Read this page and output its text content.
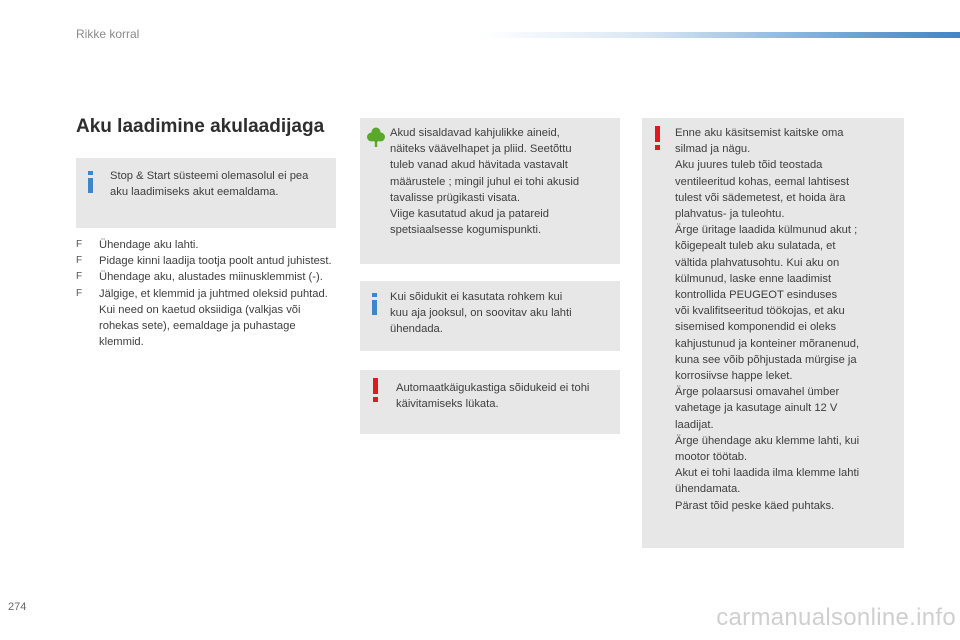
Rikke korral
Aku laadimine akulaadijaga
Stop & Start süsteemi olemasolul ei pea
aku laadimiseks akut eemaldama.
F Ühendage aku lahti.
F Pidage kinni laadija tootja poolt antud juhistest.
F Ühendage aku, alustades miinusklemmist (-).
F Jälgige, et klemmid ja juhtmed oleksid puhtad. Kui need on kaetud oksiidiga (valkjas või rohekas sete), eemaldage ja puhastage klemmid.
Akud sisaldavad kahjulikke aineid,
näiteks väävelhapet ja pliid. Seetõttu
tuleb vanad akud hävitada vastavalt
määrustele ; mingil juhul ei tohi akusid
tavalisse prügikasti visata.
Viige kasutatud akud ja patareid
spetsiaalsesse kogumispunkti.
Kui sõidukit ei kasutata rohkem kui
kuu aja jooksul, on soovitav aku lahti
ühendada.
Automaatkäigukastiga sõidukeid ei tohi
käivitamiseks lükata.
Enne aku käsitsemist kaitske oma
silmad ja nägu.
Aku juures tuleb tõid teostada
ventileeritud kohas, eemal lahtisest
tulest või sädemetest, et hoida ära
plahvatus- ja tuleohtu.
Ärge üritage laadida külmunud akut ;
kõigepealt tuleb aku sulatada, et
vältida plahvatusohtu. Kui aku on
külmunud, laske enne laadimist
kontrollida PEUGEOT esinduses
või kvalifitseeritud töökojas, et aku
sisemised komponendid ei oleks
kahjustunud ja konteiner mõranenud,
kuna see võib põhjustada mürgise ja
korrosiivse happe leket.
Ärge polaarsusi omavahel ümber
vahetage ja kasutage ainult 12 V
laadijat.
Ärge ühendage aku klemme lahti, kui
mootor töötab.
Akut ei tohi laadida ilma klemme lahti
ühendamata.
Pärast tõid peske käed puhtaks.
274	carmanualsonline.info
